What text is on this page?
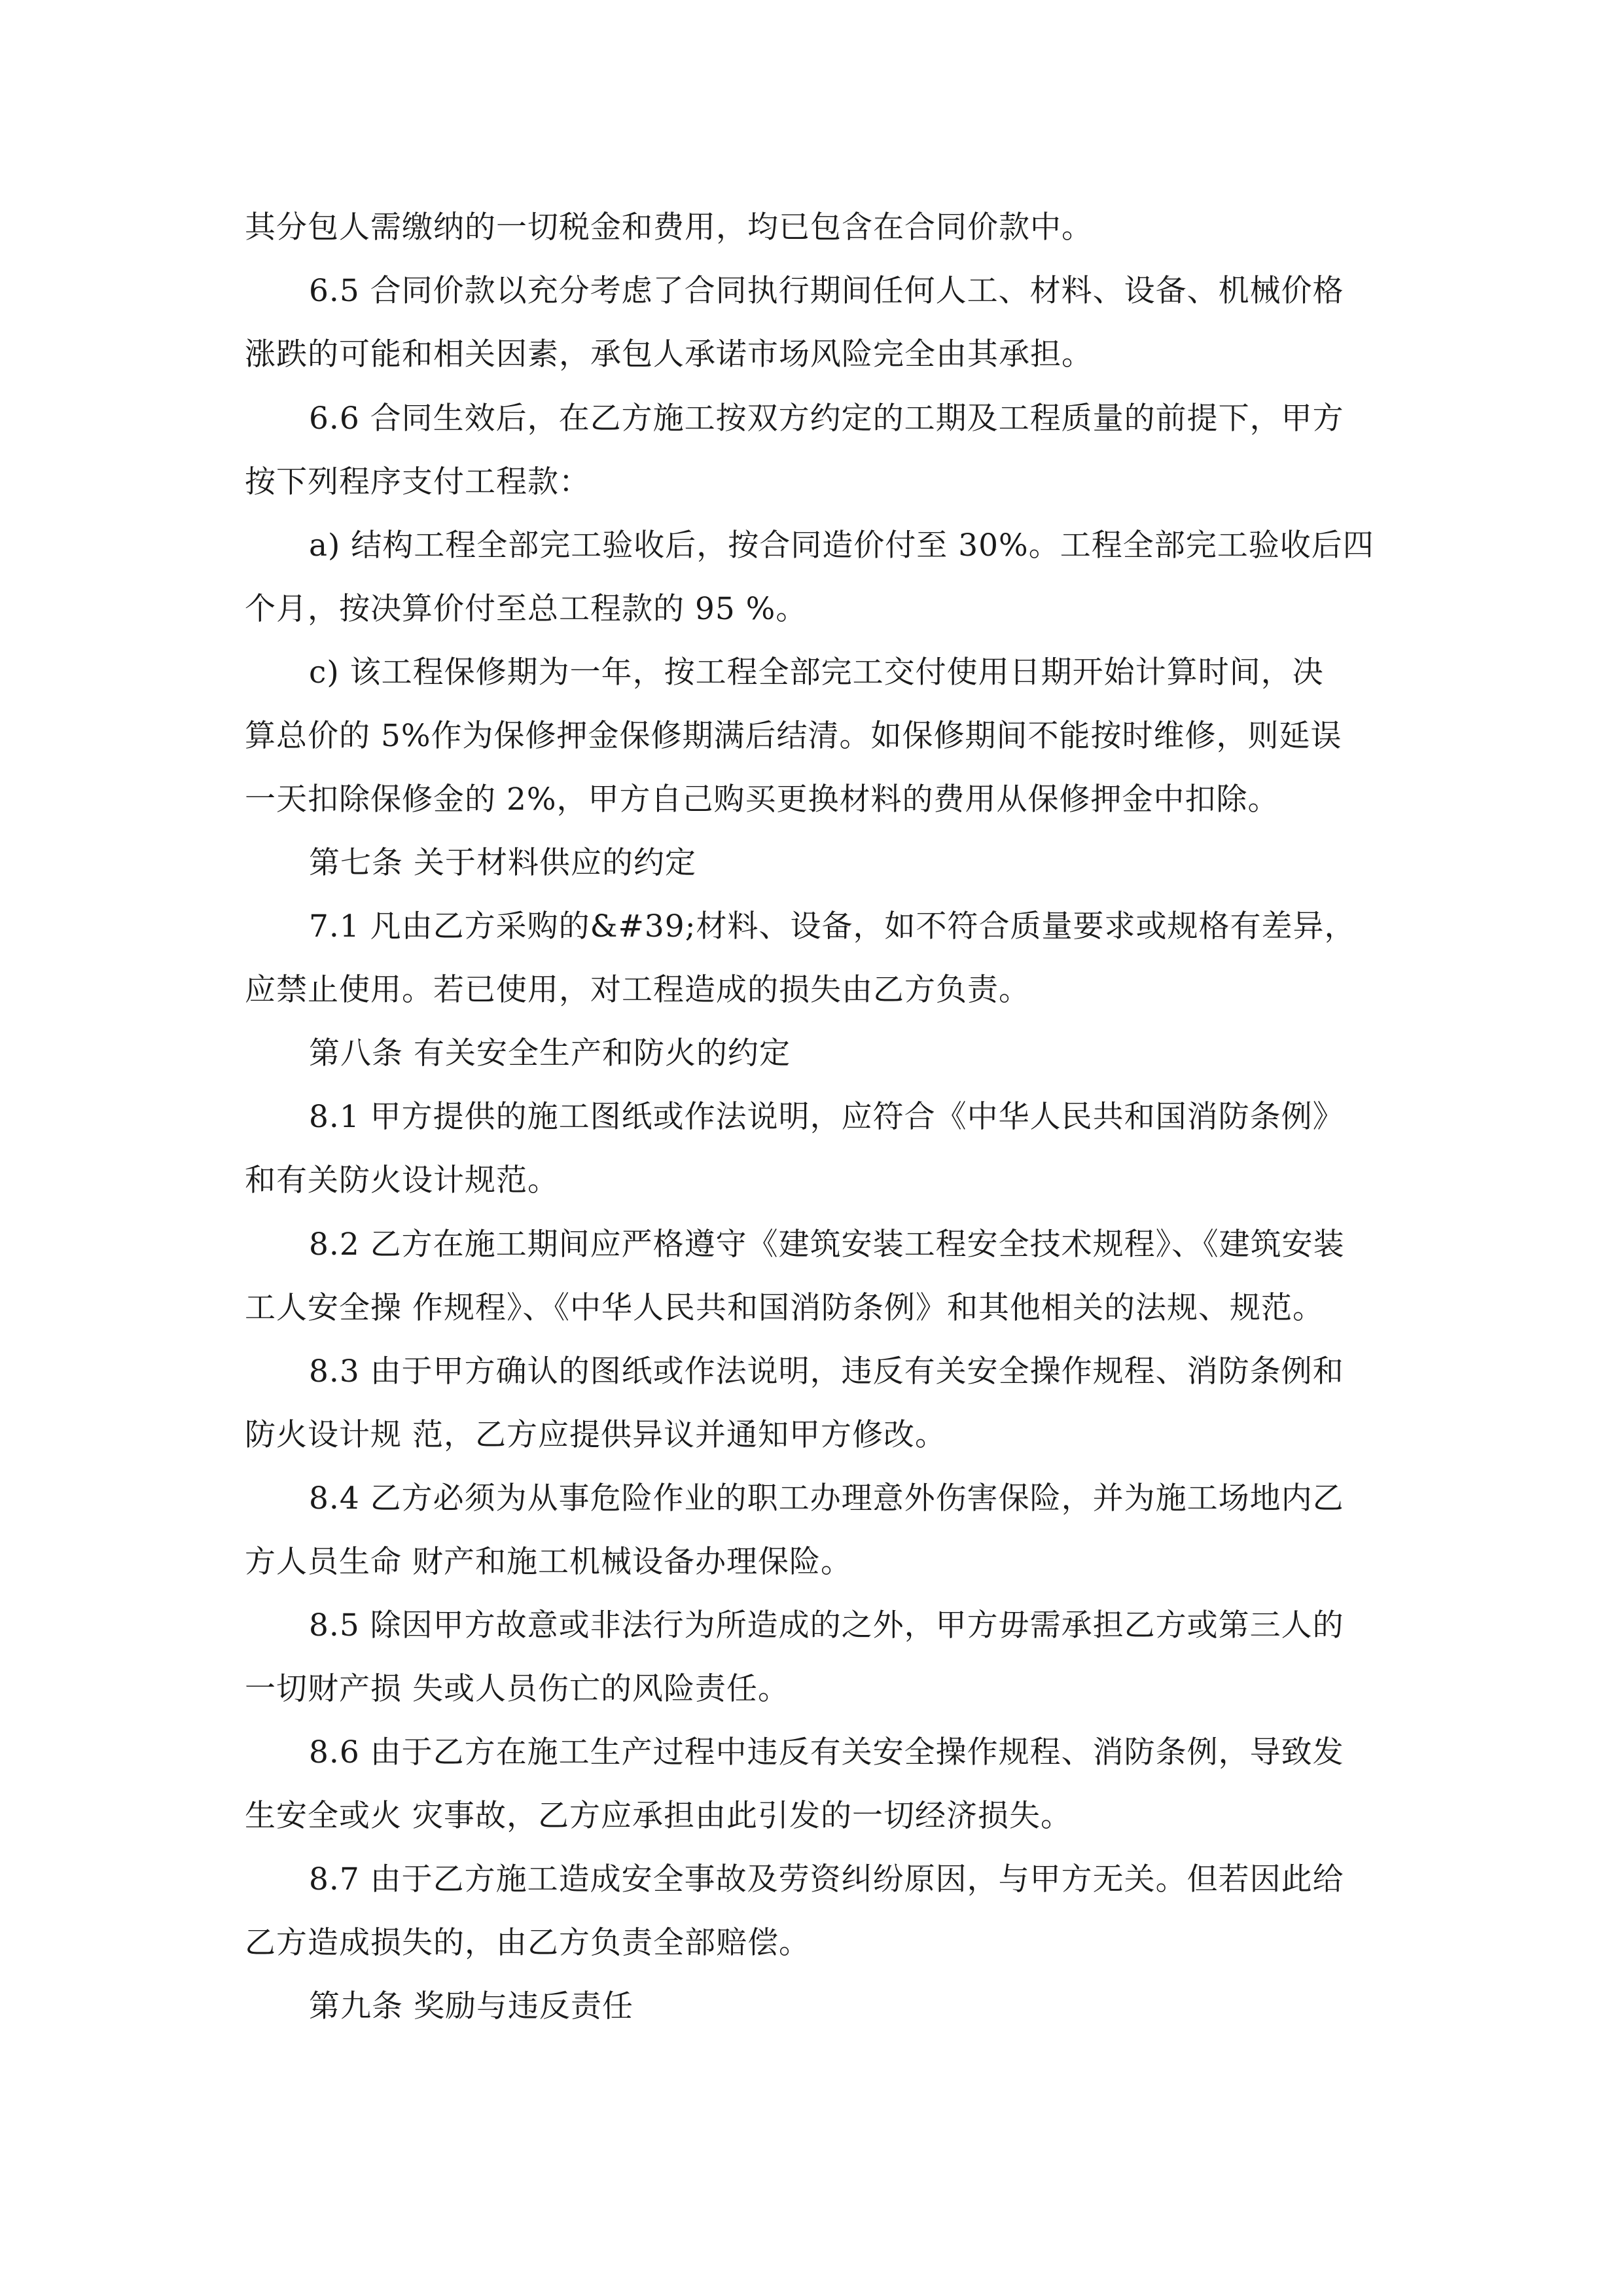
其分包人需缴纳的一切税金和费用，均已包含在合同价款中。
6.5 合同价款以充分考虑了合同执行期间任何人工、材料、设备、机械价格
涨跌的可能和相关因素，承包人承诺市场风险完全由其承担。
6.6 合同生效后，在乙方施工按双方约定的工期及工程质量的前提下，甲方
按下列程序支付工程款：
a) 结构工程全部完工验收后，按合同造价付至 30%。工程全部完工验收后四
个月，按决算价付至总工程款的 95 %。
c) 该工程保修期为一年，按工程全部完工交付使用日期开始计算时间，决
算总价的 5%作为保修押金保修期满后结清。如保修期间不能按时维修，则延误
一天扣除保修金的 2%，甲方自己购买更换材料的费用从保修押金中扣除。
第七条 关于材料供应的约定
7.1 凡由乙方采购的&#39;材料、设备，如不符合质量要求或规格有差异，
应禁止使用。若已使用，对工程造成的损失由乙方负责。
第八条 有关安全生产和防火的约定
8.1 甲方提供的施工图纸或作法说明，应符合《中华人民共和国消防条例》
和有关防火设计规范。
8.2 乙方在施工期间应严格遵守《建筑安装工程安全技术规程》、《建筑安装
工人安全操 作规程》、《中华人民共和国消防条例》和其他相关的法规、规范。
8.3 由于甲方确认的图纸或作法说明，违反有关安全操作规程、消防条例和
防火设计规 范，乙方应提供异议并通知甲方修改。
8.4 乙方必须为从事危险作业的职工办理意外伤害保险，并为施工场地内乙
方人员生命 财产和施工机械设备办理保险。
8.5 除因甲方故意或非法行为所造成的之外，甲方毋需承担乙方或第三人的
一切财产损 失或人员伤亡的风险责任。
8.6 由于乙方在施工生产过程中违反有关安全操作规程、消防条例，导致发
生安全或火 灾事故，乙方应承担由此引发的一切经济损失。
8.7 由于乙方施工造成安全事故及劳资纠纷原因，与甲方无关。但若因此给
乙方造成损失的，由乙方负责全部赔偿。
第九条 奖励与违反责任
